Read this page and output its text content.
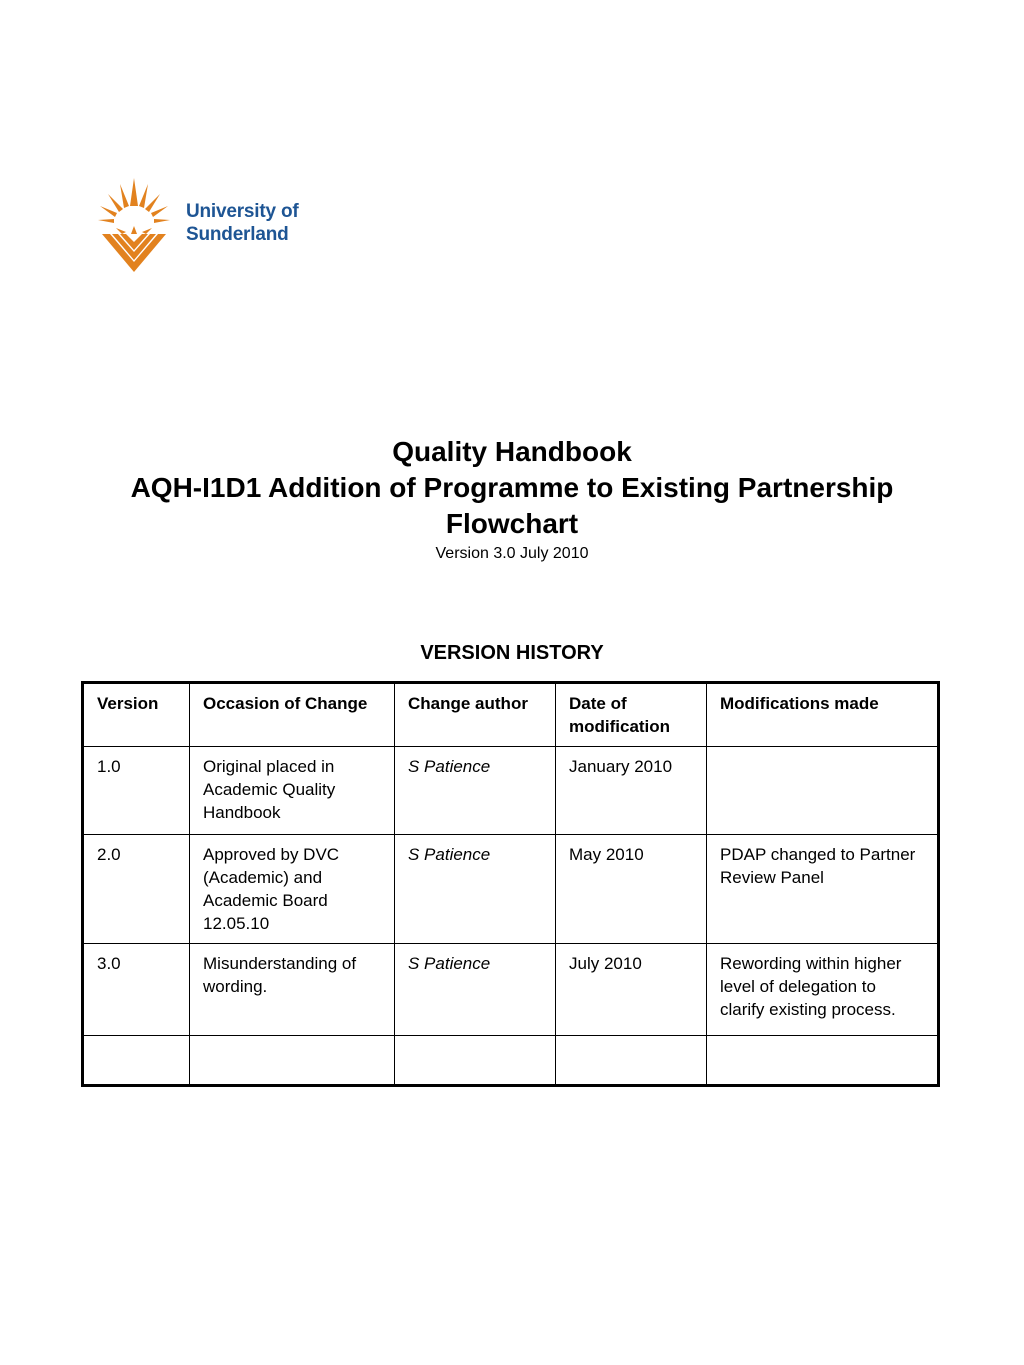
University of
Sunderland
Quality Handbook
AQH-I1D1 Addition of Programme to Existing Partnership
Flowchart
Version 3.0 July 2010
VERSION HISTORY
Version	Occasion of Change	Change author	Date of modification	Modifications made
1.0	Original placed in Academic Quality Handbook	S Patience	January 2010	
2.0	Approved by DVC (Academic) and Academic Board 12.05.10	S Patience	May 2010	PDAP changed to Partner Review Panel
3.0	Misunderstanding of wording.	S Patience	July 2010	Rewording within higher level of delegation to clarify existing process.
